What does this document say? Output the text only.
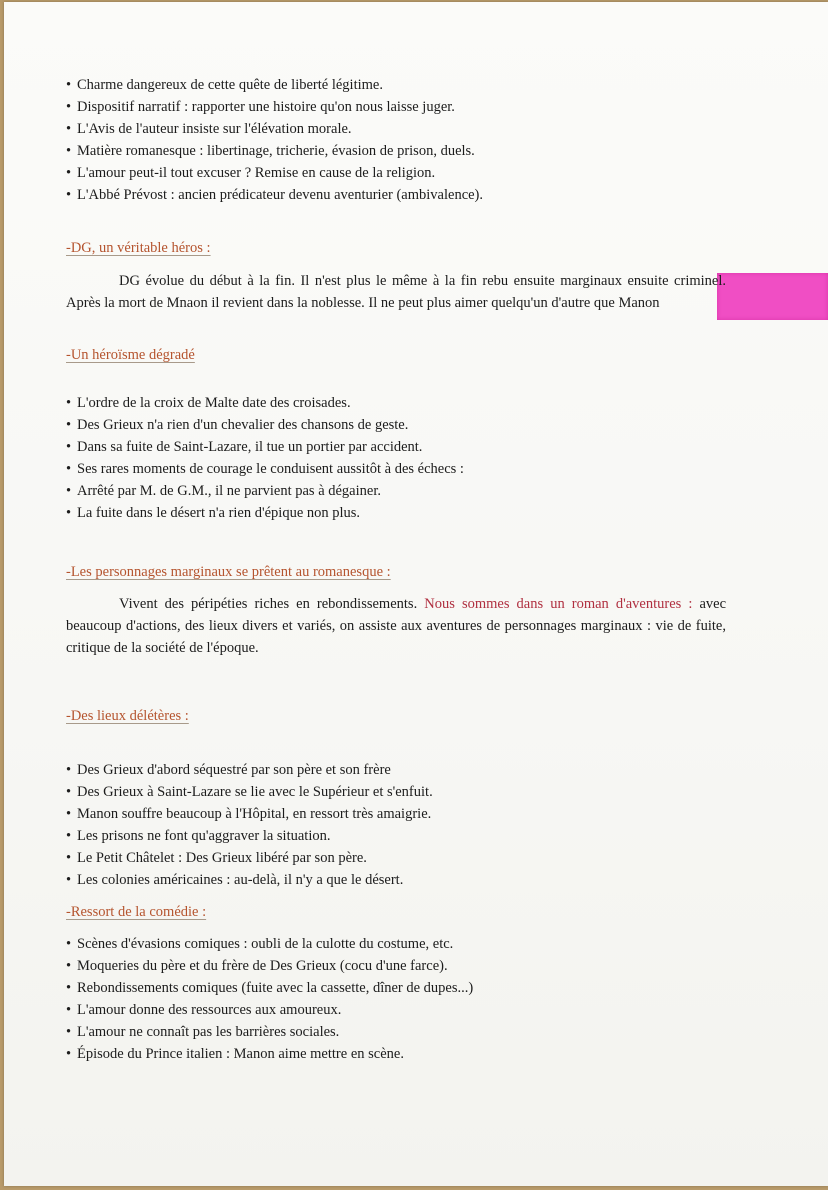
• Charme dangereux de cette quête de liberté légitime.
• Dispositif narratif : rapporter une histoire qu'on nous laisse juger.
• L'Avis de l'auteur insiste sur l'élévation morale.
• Matière romanesque : libertinage, tricherie, évasion de prison, duels.
• L'amour peut-il tout excuser ? Remise en cause de la religion.
• L'Abbé Prévost : ancien prédicateur devenu aventurier (ambivalence).
-DG, un véritable héros :

DG évolue du début à la fin. Il n'est plus le même à la fin rebu ensuite marginaux ensuite criminel. Après la mort de Mnaon il revient dans la noblesse. Il ne peut plus aimer quelqu'un d'autre que Manon

-Un héroïsme dégradé
• L'ordre de la croix de Malte date des croisades.
• Des Grieux n'a rien d'un chevalier des chansons de geste.
• Dans sa fuite de Saint-Lazare, il tue un portier par accident.
• Ses rares moments de courage le conduisent aussitôt à des échecs :
• Arrêté par M. de G.M., il ne parvient pas à dégainer.
• La fuite dans le désert n'a rien d'épique non plus.
-Les personnages marginaux se prêtent au romanesque :

Vivent des péripéties riches en rebondissements. Nous sommes dans un roman d'aventures : avec beaucoup d'actions, des lieux divers et variés, on assiste aux aventures de personnages marginaux : vie de fuite, critique de la société de l'époque.

-Des lieux délétères :
• Des Grieux d'abord séquestré par son père et son frère
• Des Grieux à Saint-Lazare se lie avec le Supérieur et s'enfuit.
• Manon souffre beaucoup à l'Hôpital, en ressort très amaigrie.
• Les prisons ne font qu'aggraver la situation.
• Le Petit Châtelet : Des Grieux libéré par son père.
• Les colonies américaines : au-delà, il n'y a que le désert.
-Ressort de la comédie :
• Scènes d'évasions comiques : oubli de la culotte du costume, etc.
• Moqueries du père et du frère de Des Grieux (cocu d'une farce).
• Rebondissements comiques (fuite avec la cassette, dîner de dupes...)
• L'amour donne des ressources aux amoureux.
• L'amour ne connaît pas les barrières sociales.
• Épisode du Prince italien : Manon aime mettre en scène.
